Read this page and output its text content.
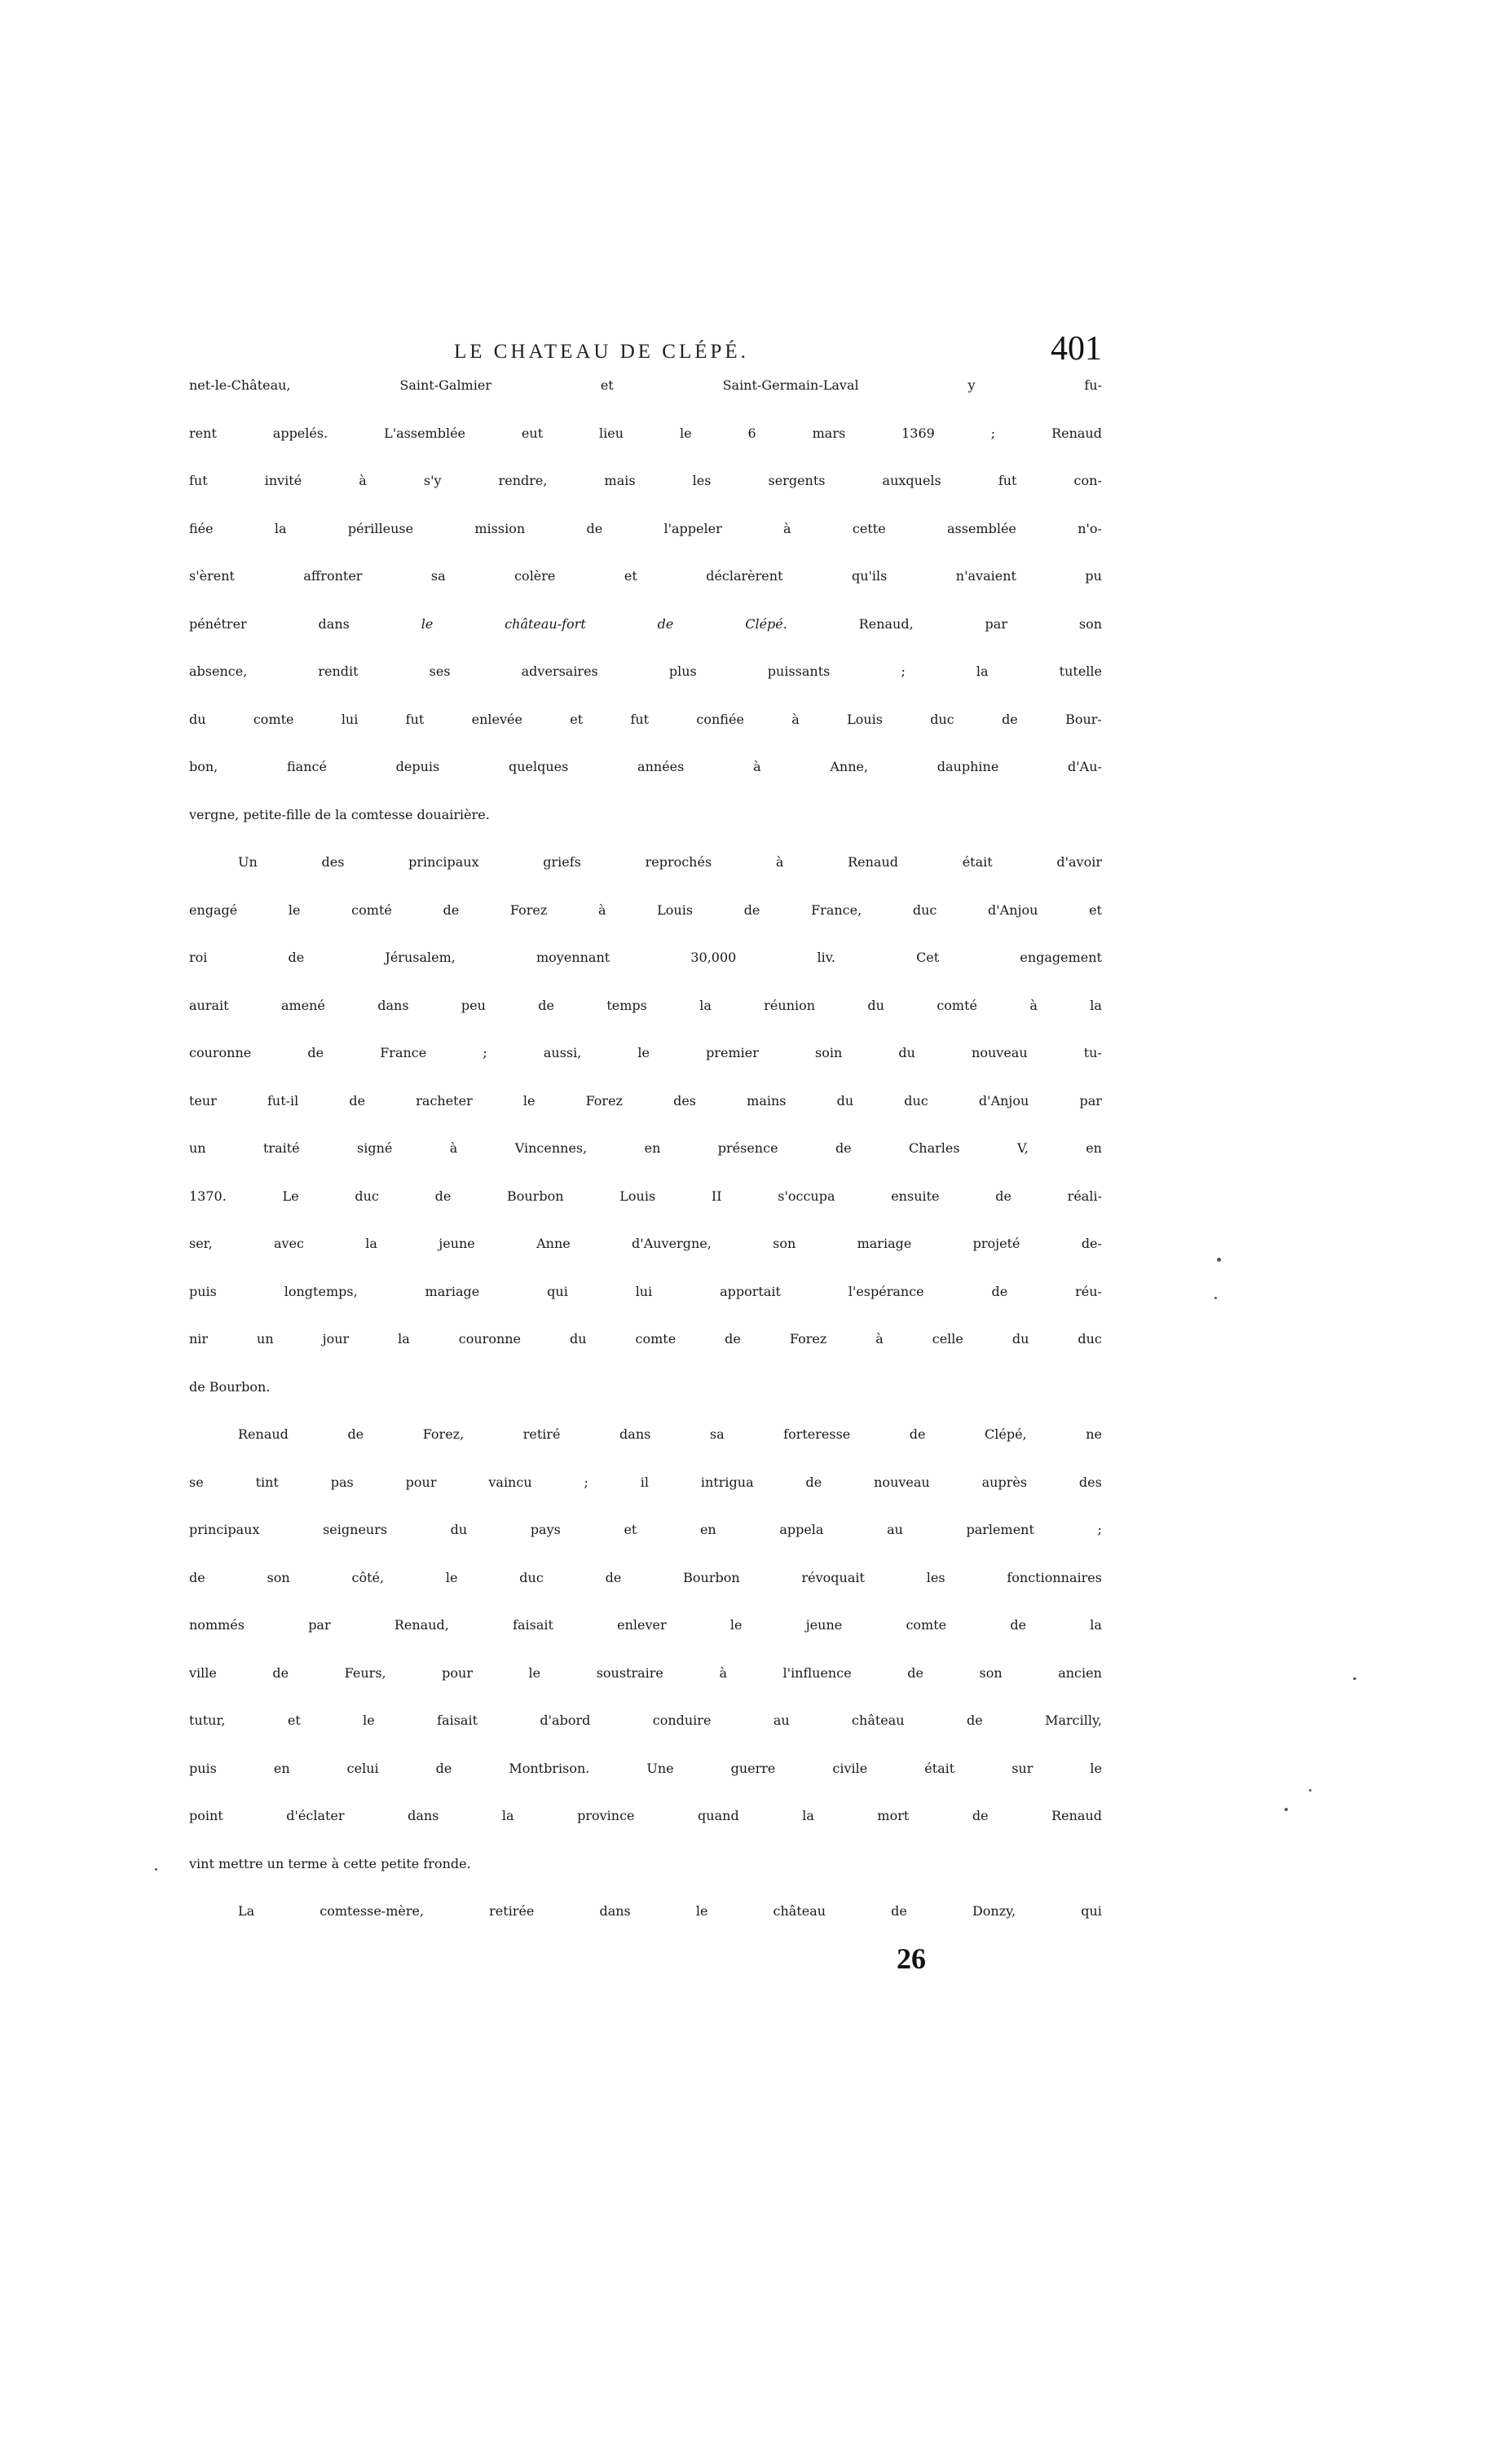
LE CHATEAU DE CLÉPÉ.	401
net-le-Château,	Saint-Galmier	et	Saint-Germain-Laval	y	fu-
rent	appelés.	L'assemblée	eut	lieu	le	6	mars	1369	;	Renaud
fut	invité	à	s'y	rendre,	mais	les	sergents	auxquels	fut	con-
fiée	la	périlleuse	mission	de	l'appeler	à	cette	assemblée	n'o-
s'èrent	affronter	sa	colère	et	déclarèrent	qu'ils	n'avaient	pu
pénétrer dans le château-fort de Clépé. Renaud, par son
absence,	rendit	ses	adversaires	plus	puissants	;	la	tutelle
du	comte	lui	fut	enlevée	et	fut	confiée	à	Louis	duc	de	Bour-
bon,	fiancé	depuis	quelques	années	à	Anne,	dauphine	d'Au-
vergne, petite-fille de la comtesse douairière.
Un	des	principaux	griefs	reprochés	à	Renaud	était	d'avoir
engagé	le	comté	de	Forez	à	Louis	de	France,	duc	d'Anjou	et
roi	de	Jérusalem,	moyennant	30,000	liv.	Cet	engagement
aurait	amené	dans	peu	de	temps	la	réunion	du	comté	à	la
couronne	de	France	;	aussi,	le	premier	soin	du	nouveau	tu-
teur	fut-il	de	racheter	le	Forez	des	mains	du	duc	d'Anjou	par
un	traité	signé	à	Vincennes,	en	présence	de	Charles	V,	en
1370.	Le	duc	de	Bourbon	Louis	II	s'occupa	ensuite	de	réali-
ser,	avec	la	jeune	Anne	d'Auvergne,	son	mariage	projeté	de-
puis	longtemps,	mariage	qui	lui	apportait	l'espérance	de	réu-
nir	un	jour	la	couronne	du	comte	de	Forez	à	celle	du	duc
de Bourbon.
Renaud	de	Forez,	retiré	dans	sa	forteresse	de	Clépé,	ne
se	tint	pas	pour	vaincu	;	il	intrigua	de	nouveau	auprès	des
principaux	seigneurs	du	pays	et	en	appela	au	parlement	;
de	son	côté,	le	duc	de	Bourbon	révoquait	les	fonctionnaires
nommés	par	Renaud,	faisait	enlever	le	jeune	comte	de	la
ville	de	Feurs,	pour	le	soustraire	à	l'influence	de	son	ancien
tutur,	et	le	faisait	d'abord	conduire	au	château	de	Marcilly,
puis	en	celui	de	Montbrison.	Une	guerre	civile	était	sur	le
point	d'éclater	dans	la	province	quand	la	mort	de	Renaud
vint mettre un terme à cette petite fronde.
La	comtesse-mère,	retirée	dans	le	château	de	Donzy,	qui
26
